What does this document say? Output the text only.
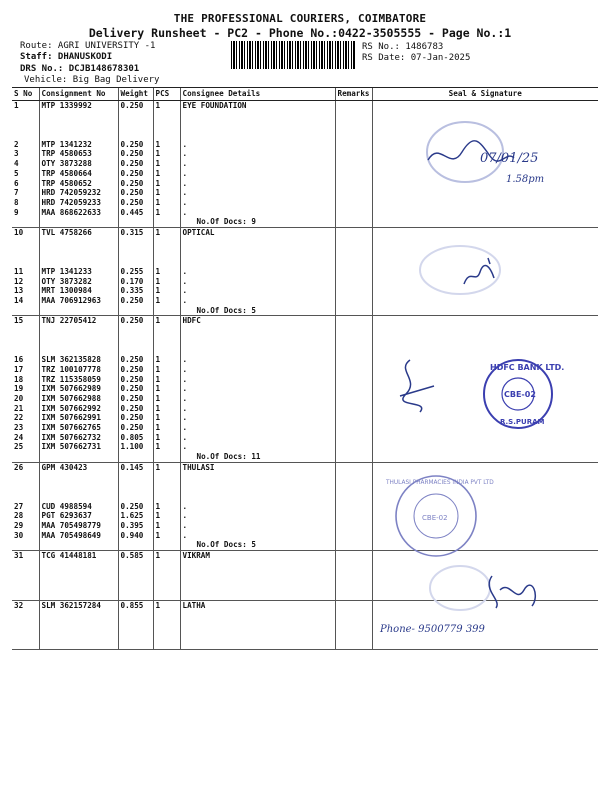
THE PROFESSIONAL COURIERS, COIMBATORE
Delivery Runsheet - PC2 - Phone No.:0422-3505555 - Page No.:1
Route: AGRI UNIVERSITY -1
Staff: DHANUSKODI
DRS No.: DCJB148678301
Vehicle: Big Bag Delivery
RS No.: 1486783
RS Date: 07-Jan-2025
S No	Consignment No	Weight	PCS	Consignee Details	Remarks	Seal & Signature
1	MTP 1339992	0.250	1	EYE FOUNDATION		

2	MTP 1341232	0.250	1	.		
3	TRP 4580653	0.250	1	.		
4	OTY 3873288	0.250	1	.		
5	TRP 4580664	0.250	1	.		
6	TRP 4580652	0.250	1	.		
7	HRD 742059232	0.250	1	.		
8	HRD 742059233	0.250	1	.		
9	MAA 868622633	0.445	1	.		
				No.Of Docs: 9		
10	TVL 4758266	0.315	1	OPTICAL		

11	MTP 1341233	0.255	1	.		
12	OTY 3873282	0.170	1	.		
13	MRT 1300984	0.335	1	.		
14	MAA 706912963	0.250	1	.		
				No.Of Docs: 5		
15	TNJ 22705412	0.250	1	HDFC		

16	SLM 362135828	0.250	1	.		
17	TRZ 100107778	0.250	1	.		
18	TRZ 115358059	0.250	1	.		
19	IXM 507662989	0.250	1	.		
20	IXM 507662988	0.250	1	.		
21	IXM 507662992	0.250	1	.		
22	IXM 507662991	0.250	1	.		
23	IXM 507662765	0.250	1	.		
24	IXM 507662732	0.805	1	.		
25	IXM 507662731	1.100	1	.		
				No.Of Docs: 11		
26	GPM 430423	0.145	1	THULASI		

27	CUD 4988594	0.250	1	.		
28	PGT 6293637	1.625	1	.		
29	MAA 705498779	0.395	1	.		
30	MAA 705498649	0.940	1	.		
				No.Of Docs: 5		
31	TCG 41448181	0.585	1	VIKRAM		

32	SLM 362157284	0.855	1	LATHA		

07/01/25
1.58pm
HDFC BANK LTD.
CBE-02
R.S.PURAM
THULASI PHARMACIES INDIA PVT LTD
CBE-02
Phone- 9500779 399
